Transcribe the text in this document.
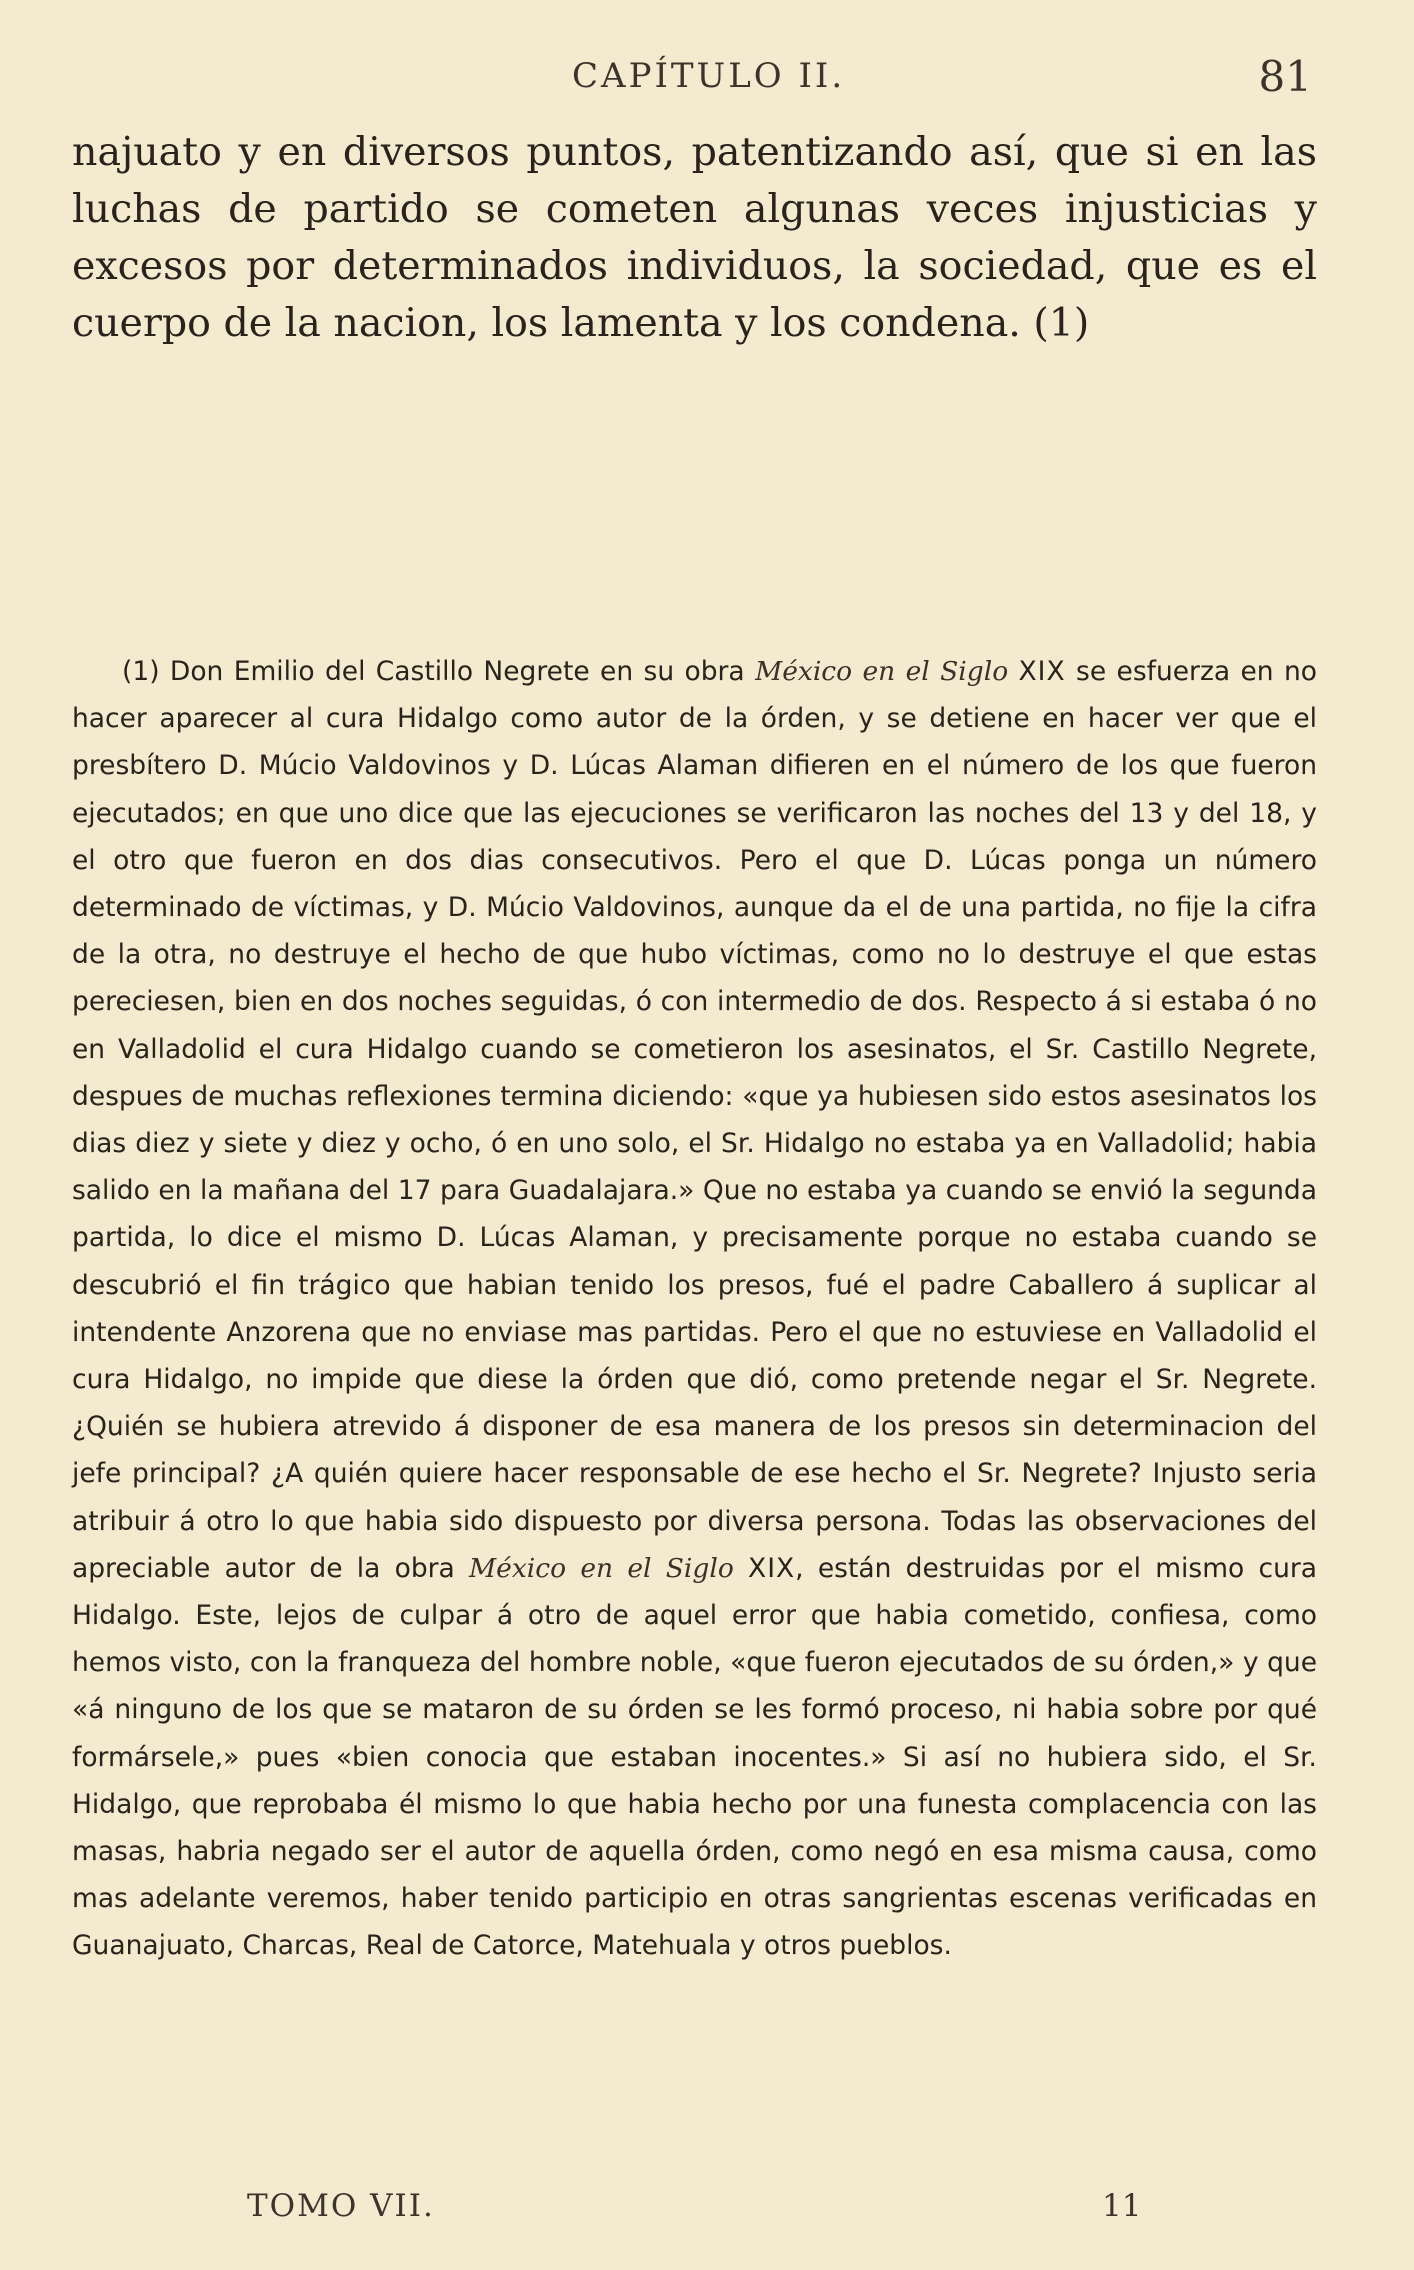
CAPÍTULO II.	81

najuato y en diversos puntos, patentizando así, que si en las luchas de partido se cometen algunas veces injusticias y excesos por determinados individuos, la sociedad, que es el cuerpo de la nacion, los lamenta y los condena. (1)

(1) Don Emilio del Castillo Negrete en su obra México en el Siglo XIX se esfuerza en no hacer aparecer al cura Hidalgo como autor de la órden, y se detiene en hacer ver que el presbítero D. Múcio Valdovinos y D. Lúcas Alaman difieren en el número de los que fueron ejecutados; en que uno dice que las ejecuciones se verificaron las noches del 13 y del 18, y el otro que fueron en dos dias consecutivos. Pero el que D. Lúcas ponga un número determinado de víctimas, y D. Múcio Valdovinos, aunque da el de una partida, no fije la cifra de la otra, no destruye el hecho de que hubo víctimas, como no lo destruye el que estas pereciesen, bien en dos noches seguidas, ó con intermedio de dos. Respecto á si estaba ó no en Valladolid el cura Hidalgo cuando se cometieron los asesinatos, el Sr. Castillo Negrete, despues de muchas reflexiones termina diciendo: «que ya hubiesen sido estos asesinatos los dias diez y siete y diez y ocho, ó en uno solo, el Sr. Hidalgo no estaba ya en Valladolid; habia salido en la mañana del 17 para Guadalajara.» Que no estaba ya cuando se envió la segunda partida, lo dice el mismo D. Lúcas Alaman, y precisamente porque no estaba cuando se descubrió el fin trágico que habian tenido los presos, fué el padre Caballero á suplicar al intendente Anzorena que no enviase mas partidas. Pero el que no estuviese en Valladolid el cura Hidalgo, no impide que diese la órden que dió, como pretende negar el Sr. Negrete. ¿Quién se hubiera atrevido á disponer de esa manera de los presos sin determinacion del jefe principal? ¿A quién quiere hacer responsable de ese hecho el Sr. Negrete? Injusto seria atribuir á otro lo que habia sido dispuesto por diversa persona. Todas las observaciones del apreciable autor de la obra México en el Siglo XIX, están destruidas por el mismo cura Hidalgo. Este, lejos de culpar á otro de aquel error que habia cometido, confiesa, como hemos visto, con la franqueza del hombre noble, «que fueron ejecutados de su órden,» y que «á ninguno de los que se mataron de su órden se les formó proceso, ni habia sobre por qué formársele,» pues «bien conocia que estaban inocentes.» Si así no hubiera sido, el Sr. Hidalgo, que reprobaba él mismo lo que habia hecho por una funesta complacencia con las masas, habria negado ser el autor de aquella órden, como negó en esa misma causa, como mas adelante veremos, haber tenido participio en otras sangrientas escenas verificadas en Guanajuato, Charcas, Real de Catorce, Matehuala y otros pueblos.

TOMO VII.	11
